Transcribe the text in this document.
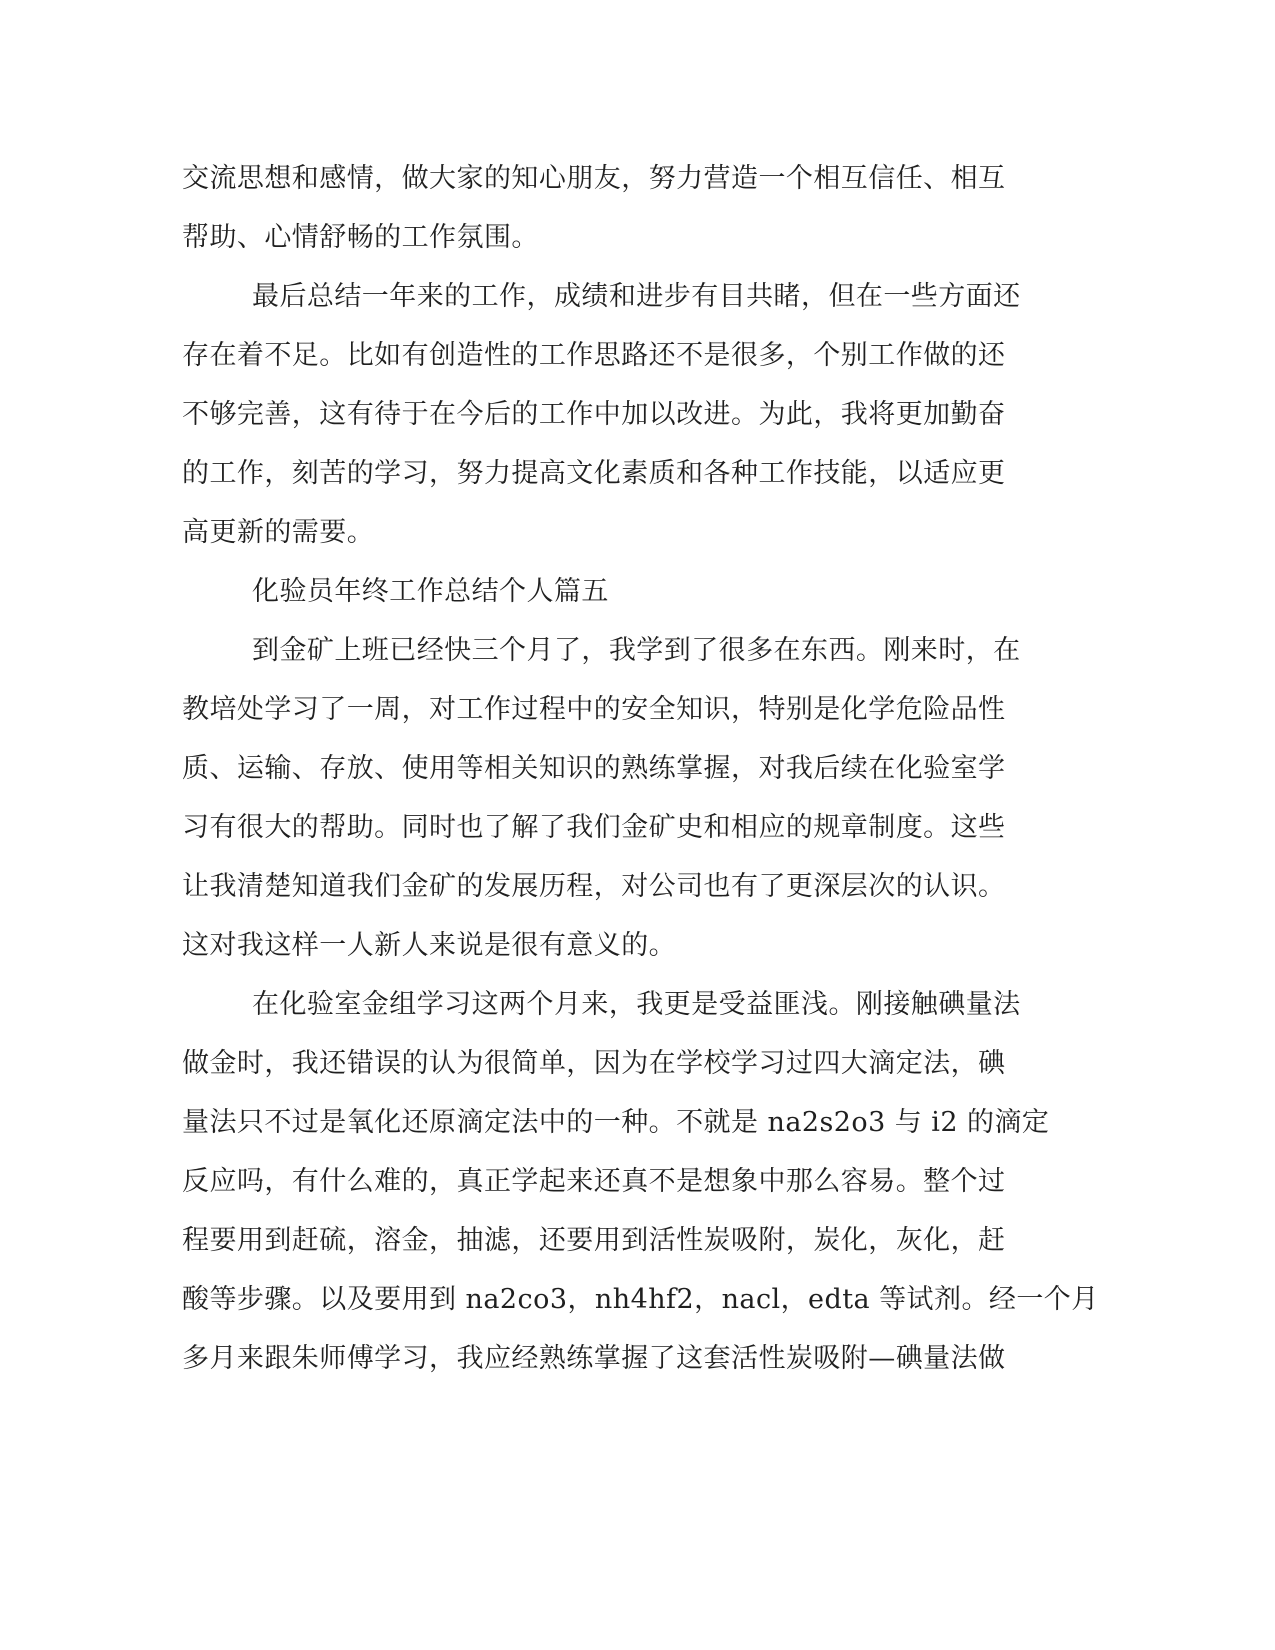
交流思想和感情，做大家的知心朋友，努力营造一个相互信任、相互
帮助、心情舒畅的工作氛围。
最后总结一年来的工作，成绩和进步有目共睹，但在一些方面还
存在着不足。比如有创造性的工作思路还不是很多，个别工作做的还
不够完善，这有待于在今后的工作中加以改进。为此，我将更加勤奋
的工作，刻苦的学习，努力提高文化素质和各种工作技能，以适应更
高更新的需要。
化验员年终工作总结个人篇五
到金矿上班已经快三个月了，我学到了很多在东西。刚来时，在
教培处学习了一周，对工作过程中的安全知识，特别是化学危险品性
质、运输、存放、使用等相关知识的熟练掌握，对我后续在化验室学
习有很大的帮助。同时也了解了我们金矿史和相应的规章制度。这些
让我清楚知道我们金矿的发展历程，对公司也有了更深层次的认识。
这对我这样一人新人来说是很有意义的。
在化验室金组学习这两个月来，我更是受益匪浅。刚接触碘量法
做金时，我还错误的认为很简单，因为在学校学习过四大滴定法，碘
量法只不过是氧化还原滴定法中的一种。不就是 na2s2o3 与 i2 的滴定
反应吗，有什么难的，真正学起来还真不是想象中那么容易。整个过
程要用到赶硫，溶金，抽滤，还要用到活性炭吸附，炭化，灰化，赶
酸等步骤。以及要用到 na2co3，nh4hf2，nacl，edta 等试剂。经一个月
多月来跟朱师傅学习，我应经熟练掌握了这套活性炭吸附—碘量法做
